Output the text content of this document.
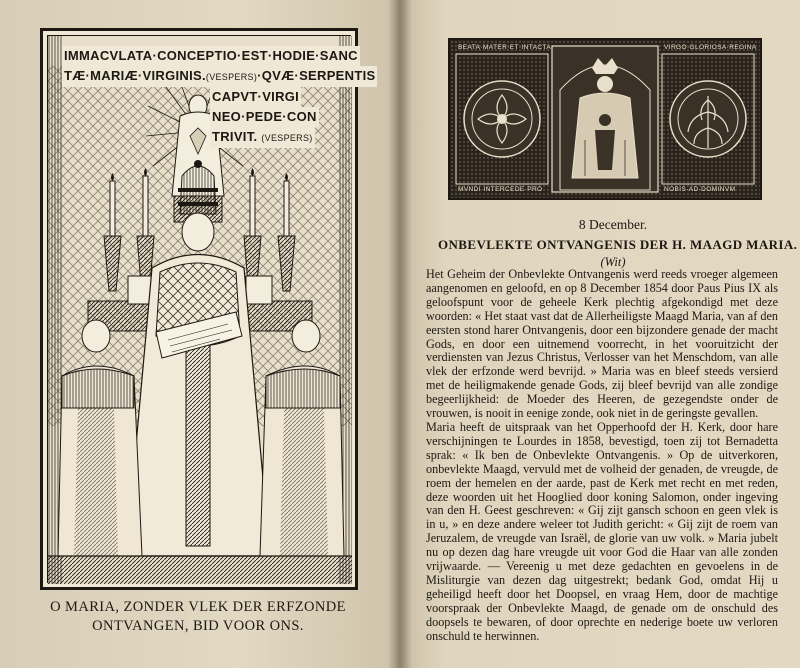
IMMACVLATA·CONCEPTIO·EST·HODIE·SANC
TÆ·MARIÆ·VIRGINIS.(VESPERS)·QVÆ·SERPENTIS
CAPVT·VIRGI
NEO·PEDE·CON
TRIVIT. (VESPERS)
O MARIA, ZONDER VLEK DER ERFZONDE
ONTVANGEN, BID VOOR ONS.
BEATA·MATER·ET·INTACTA	VIRGO·GLORIOSA·REGINA
MVNDI·INTERCEDE·PRO	NOBIS·AD·DOMINVM
8 December.
ONBEVLEKTE ONTVANGENIS DER H. MAAGD MARIA.
(Wit)

Het Geheim der Onbevlekte Ontvangenis werd reeds vroeger algemeen aangenomen en geloofd, en op 8 December 1854 door Paus Pius IX als geloofspunt voor de geheele Kerk plechtig afgekondigd met deze woorden: « Het staat vast dat de Allerheiligste Maagd Maria, van af den eersten stond harer Ontvangenis, door een bijzondere genade der macht Gods, en door een uitnemend voorrecht, in het vooruitzicht der verdiensten van Jezus Christus, Verlosser van het Menschdom, van alle vlek der erfzonde werd bevrijd. » Maria was en bleef steeds versierd met de heiligmakende genade Gods, zij bleef bevrijd van alle zondige begeerlijkheid: de Moeder des Heeren, de gezegendste onder de vrouwen, is nooit in eenige zonde, ook niet in de geringste gevallen.

Maria heeft de uitspraak van het Opperhoofd der H. Kerk, door hare verschijningen te Lourdes in 1858, bevestigd, toen zij tot Bernadetta sprak: « Ik ben de Onbevlekte Ontvangenis. » Op de uitverkoren, onbevlekte Maagd, vervuld met de volheid der genaden, de vreugde, de roem der hemelen en der aarde, past de Kerk met recht en met reden, deze woorden uit het Hooglied door koning Salomon, onder ingeving van den H. Geest geschreven: « Gij zijt gansch schoon en geen vlek is in u, » en deze andere weleer tot Judith gericht: « Gij zijt de roem van Jeruzalem, de vreugde van Israël, de glorie van uw volk. » Maria jubelt nu op dezen dag hare vreugde uit voor God die Haar van alle zonden vrijwaarde. — Vereenig u met deze gedachten en gevoelens in de Misliturgie van dezen dag uitgestrekt; bedank God, omdat Hij u geheiligd heeft door het Doopsel, en vraag Hem, door de machtige voorspraak der Onbevlekte Maagd, de genade om de onschuld des doopsels te bewaren, of door oprechte en nederige boete uw verloren onschuld te herwinnen.
